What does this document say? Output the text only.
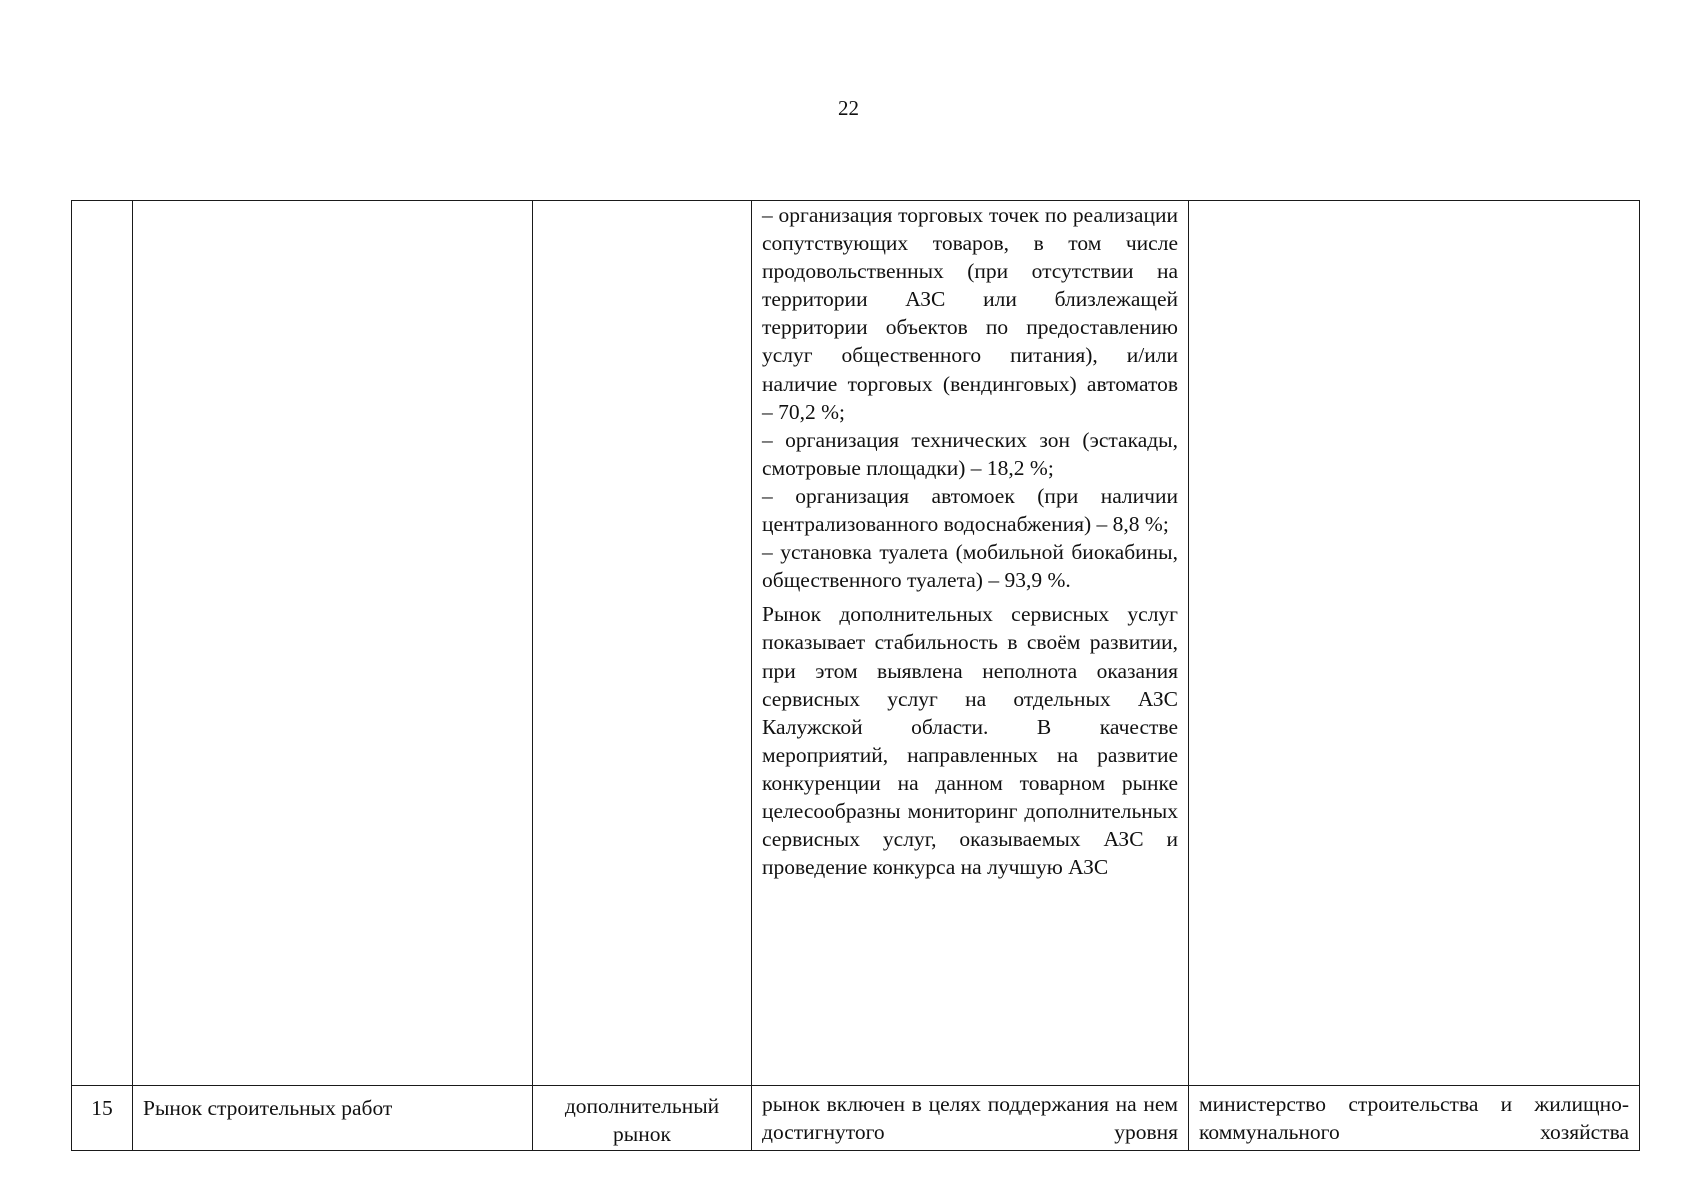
22

			– организация торговых точек по реализации сопутствующих товаров, в том числе продовольственных (при отсутствии на территории АЗС или близлежащей территории объектов по предоставлению услуг общественного питания), и/или наличие торговых (вендинговых) автоматов – 70,2 %;

– организация технических зон (эстакады, смотровые площадки) – 18,2 %;

– организация автомоек (при наличии централизованного водоснабжения) – 8,8 %;

– установка туалета (мобильной биокабины, общественного туалета) – 93,9 %.

Рынок дополнительных сервисных услуг показывает стабильность в своём развитии, при этом выявлена неполнота оказания сервисных услуг на отдельных АЗС Калужской области. В качестве мероприятий, направленных на развитие конкуренции на данном товарном рынке целесообразны мониторинг дополнительных сервисных услуг, оказываемых АЗС и проведение конкурса на лучшую АЗС	

15	Рынок строительных работ	дополнительный рынок	рынок включен в целях поддержания на нем достигнутого уровня	министерство строительства и жилищно-коммунального хозяйства
